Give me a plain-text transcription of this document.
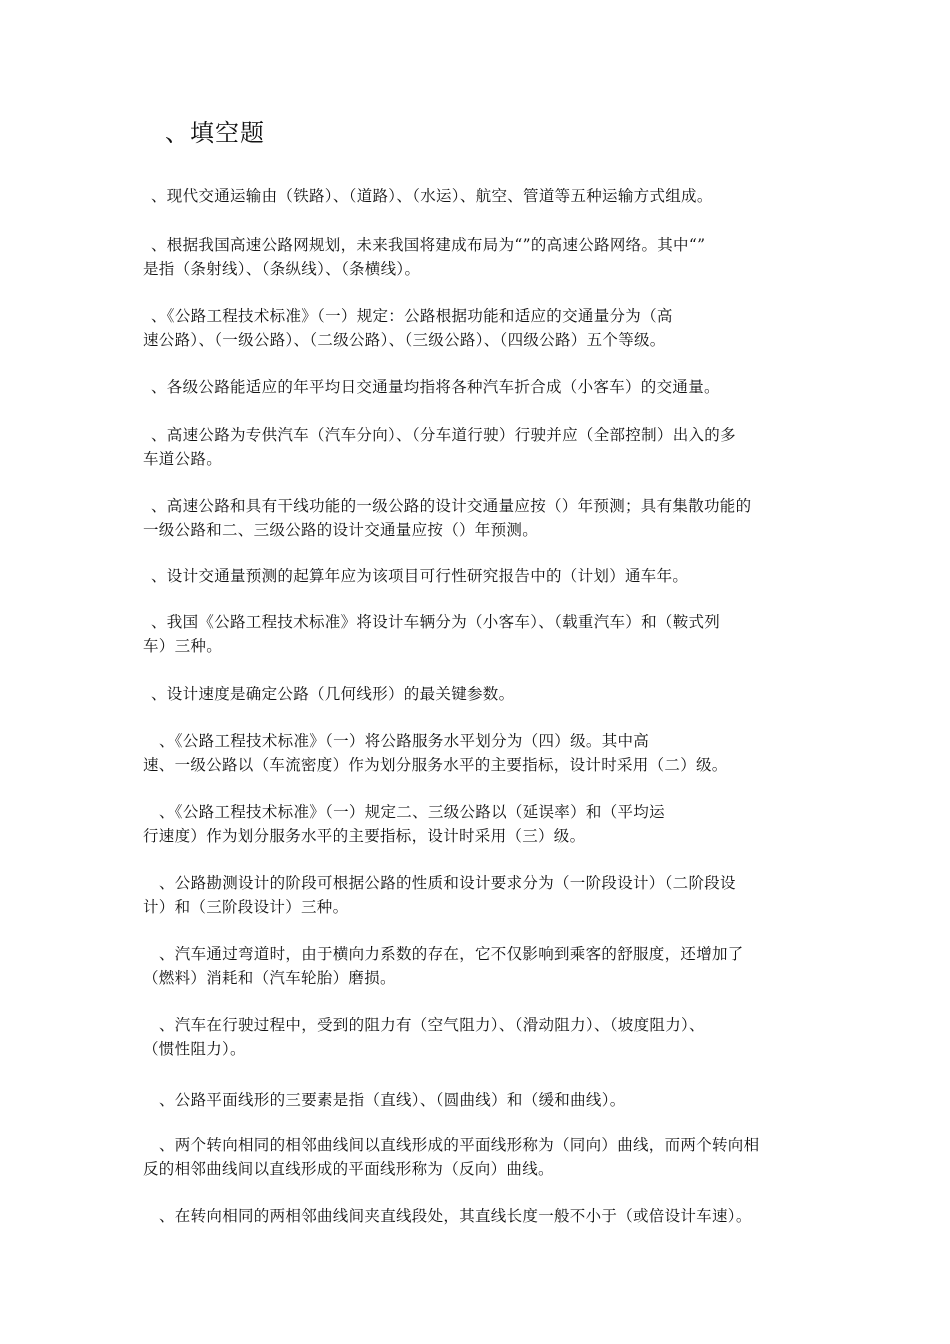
、填空题
、现代交通运输由（铁路）、（道路）、（水运）、航空、管道等五种运输方式组成。
、根据我国高速公路网规划，未来我国将建成布局为“”的高速公路网络。其中“”
是指（条射线）、（条纵线）、（条横线）。
、《公路工程技术标准》（一）规定：公路根据功能和适应的交通量分为（高
速公路）、（一级公路）、（二级公路）、（三级公路）、（四级公路）五个等级。
、各级公路能适应的年平均日交通量均指将各种汽车折合成（小客车）的交通量。
、高速公路为专供汽车（汽车分向）、（分车道行驶）行驶并应（全部控制）出入的多
车道公路。
、高速公路和具有干线功能的一级公路的设计交通量应按（）年预测；具有集散功能的
一级公路和二、三级公路的设计交通量应按（）年预测。
、设计交通量预测的起算年应为该项目可行性研究报告中的（计划）通车年。
、我国《公路工程技术标准》将设计车辆分为（小客车）、（载重汽车）和（鞍式列
车）三种。
、设计速度是确定公路（几何线形）的最关键参数。
、《公路工程技术标准》（一）将公路服务水平划分为（四）级。其中高
速、一级公路以（车流密度）作为划分服务水平的主要指标，设计时采用（二）级。
、《公路工程技术标准》（一）规定二、三级公路以（延误率）和（平均运
行速度）作为划分服务水平的主要指标，设计时采用（三）级。
、公路勘测设计的阶段可根据公路的性质和设计要求分为（一阶段设计）（二阶段设
计）和（三阶段设计）三种。
、汽车通过弯道时，由于横向力系数的存在，它不仅影响到乘客的舒服度，还增加了
（燃料）消耗和（汽车轮胎）磨损。
、汽车在行驶过程中，受到的阻力有（空气阻力）、（滑动阻力）、（坡度阻力）、
（惯性阻力）。
、公路平面线形的三要素是指（直线）、（圆曲线）和（缓和曲线）。
、两个转向相同的相邻曲线间以直线形成的平面线形称为（同向）曲线，而两个转向相
反的相邻曲线间以直线形成的平面线形称为（反向）曲线。
、在转向相同的两相邻曲线间夹直线段处，其直线长度一般不小于（或倍设计车速）。
